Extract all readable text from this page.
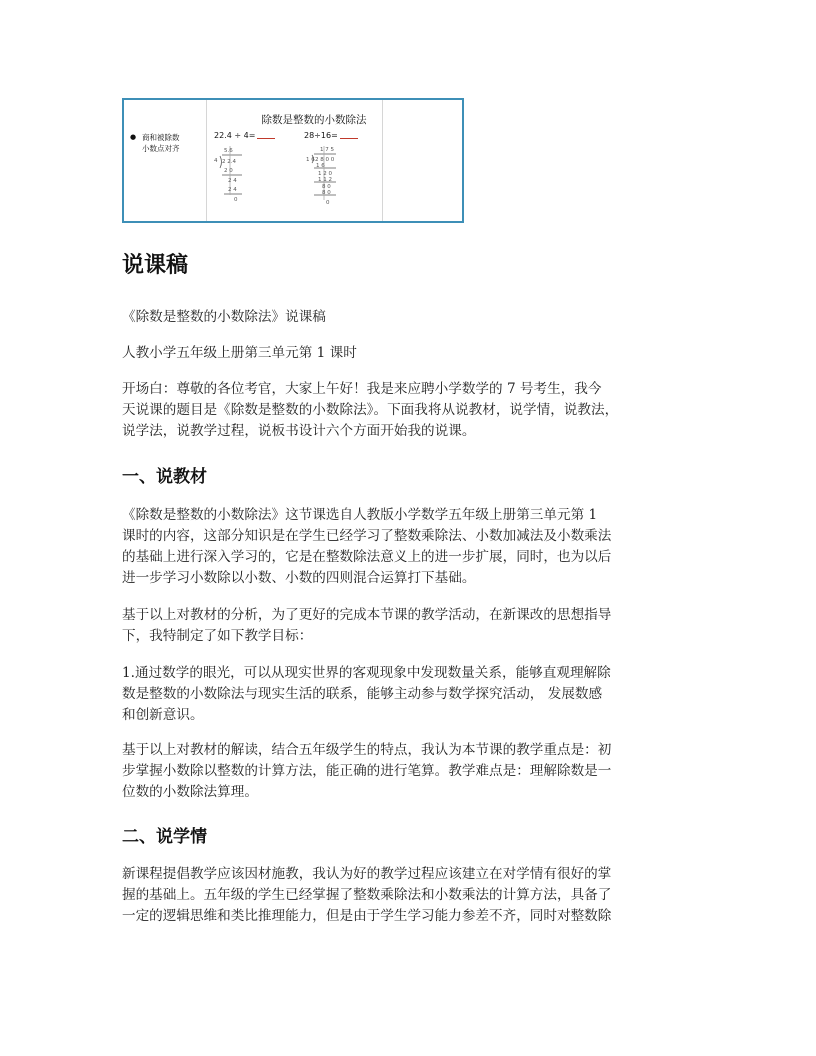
除数是整数的小数除法
● 商和被除数
小数点对齐
22.4 ÷ 4=	28÷16=
5.6
4 2 2.4
2 0
2 4
2 4
0
1 7 5
1 6 2 8 0 0
1 6
1 2 0
1 1 2
8 0
8 0
0
说课稿

《除数是整数的小数除法》说课稿

人教小学五年级上册第三单元第 1 课时

开场白：尊敬的各位考官，大家上午好！我是来应聘小学数学的 7 号考生，我今
天说课的题目是《除数是整数的小数除法》。下面我将从说教材，说学情，说教法，
说学法，说教学过程，说板书设计六个方面开始我的说课。

一、说教材

《除数是整数的小数除法》这节课选自人教版小学数学五年级上册第三单元第 1
课时的内容，这部分知识是在学生已经学习了整数乘除法、小数加减法及小数乘法
的基础上进行深入学习的，它是在整数除法意义上的进一步扩展，同时，也为以后
进一步学习小数除以小数、小数的四则混合运算打下基础。

基于以上对教材的分析，为了更好的完成本节课的教学活动，在新课改的思想指导
下，我特制定了如下教学目标：

1.通过数学的眼光，可以从现实世界的客观现象中发现数量关系，能够直观理解除
数是整数的小数除法与现实生活的联系，能够主动参与数学探究活动， 发展数感
和创新意识。

基于以上对教材的解读，结合五年级学生的特点，我认为本节课的教学重点是：初
步掌握小数除以整数的计算方法，能正确的进行笔算。教学难点是：理解除数是一
位数的小数除法算理。

二、说学情

新课程提倡教学应该因材施教，我认为好的教学过程应该建立在对学情有很好的掌
握的基础上。五年级的学生已经掌握了整数乘除法和小数乘法的计算方法，具备了
一定的逻辑思维和类比推理能力，但是由于学生学习能力参差不齐，同时对整数除
